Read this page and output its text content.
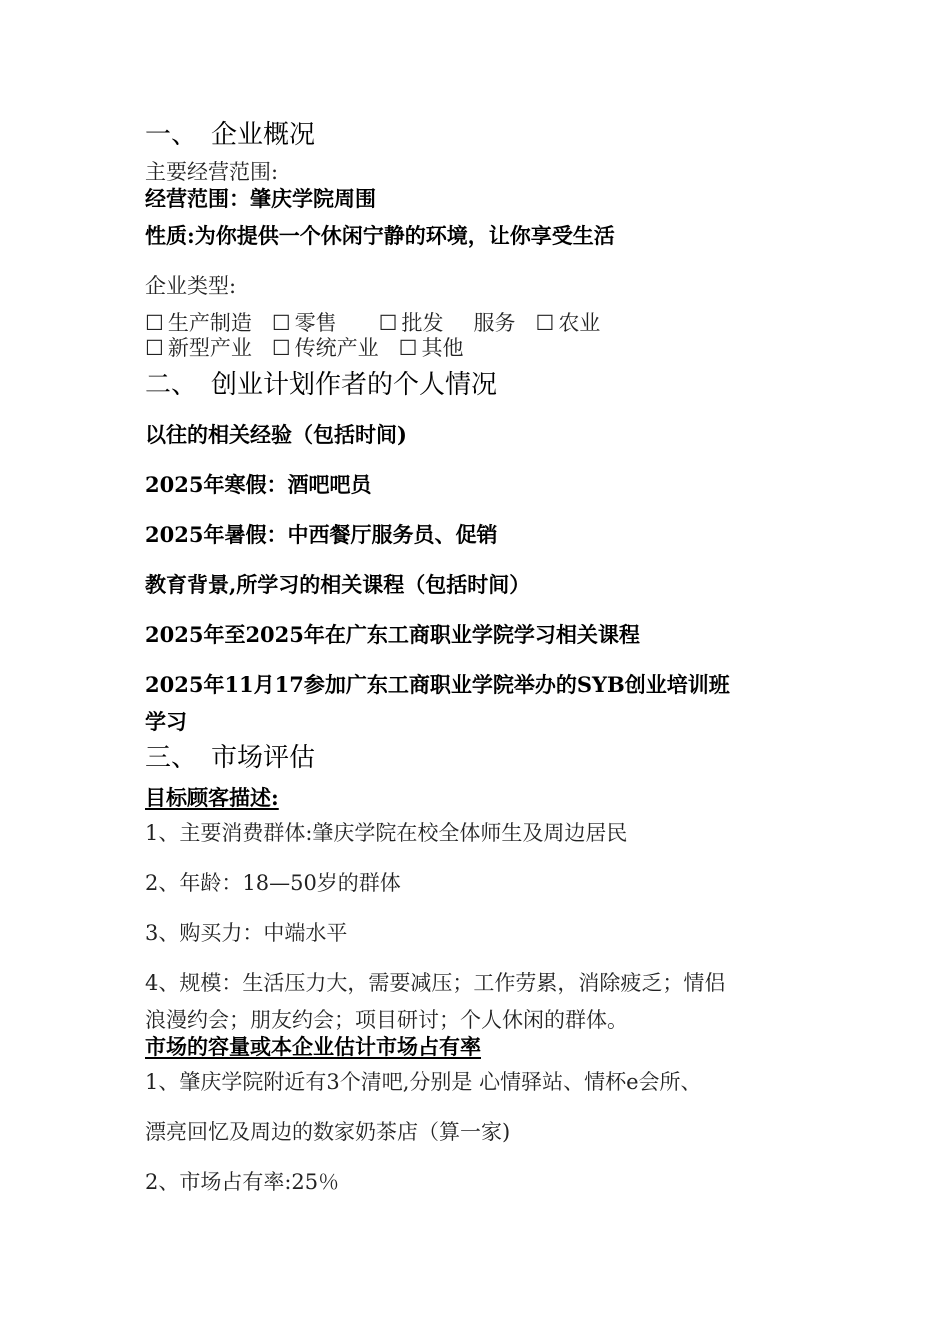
一、 企业概况
主要经营范围:
经营范围：肇庆学院周围
性质:为你提供一个休闲宁静的环境，让你享受生活
企业类型:
☐ 生产制造 ☐ 零售 ☐ 批发 服务 ☐ 农业
☐ 新型产业 ☐ 传统产业 ☐ 其他
二、 创业计划作者的个人情况
以往的相关经验（包括时间)
2025年寒假：酒吧吧员
2025年暑假：中西餐厅服务员、促销
教育背景,所学习的相关课程（包括时间）
2025年至2025年在广东工商职业学院学习相关课程
2025年11月17参加广东工商职业学院举办的SYB创业培训班
学习
三、 市场评估
目标顾客描述:
1、主要消费群体:肇庆学院在校全体师生及周边居民
2、年龄：18—50岁的群体
3、购买力：中端水平
4、规模：生活压力大，需要减压；工作劳累，消除疲乏；情侣
浪漫约会；朋友约会；项目研讨；个人休闲的群体。
市场的容量或本企业估计市场占有率
1、肇庆学院附近有3个清吧,分别是 心情驿站、情杯e会所、
漂亮回忆及周边的数家奶茶店（算一家)
2、市场占有率:25％
